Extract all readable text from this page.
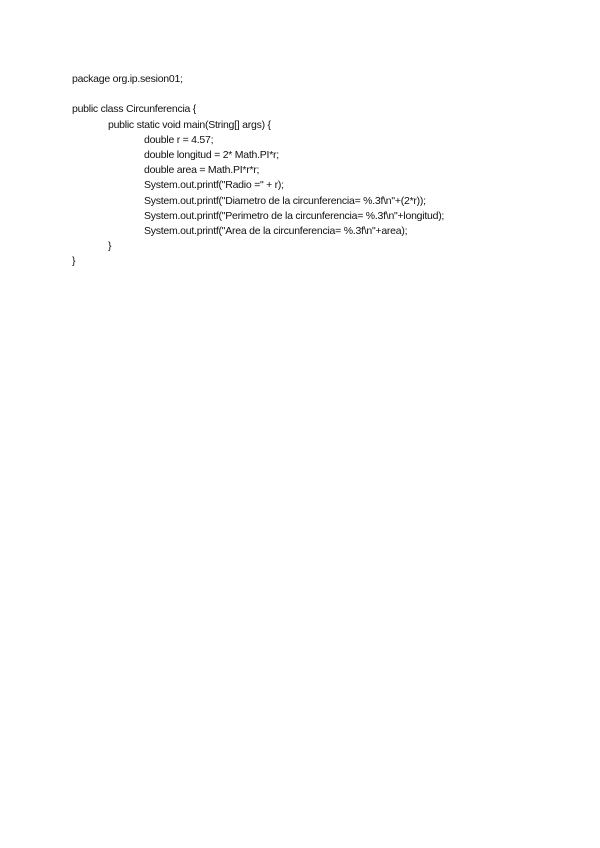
package org.ip.sesion01;
public class Circunferencia {
public static void main(String[] args) {
double r = 4.57;
double longitud = 2* Math.PI*r;
double area = Math.PI*r*r;
System.out.printf("Radio =" + r);
System.out.printf("Diametro de la circunferencia= %.3f\n"+(2*r));
System.out.printf("Perimetro de la circunferencia= %.3f\n"+longitud);
System.out.printf("Area de la circunferencia= %.3f\n"+area);
}
}
